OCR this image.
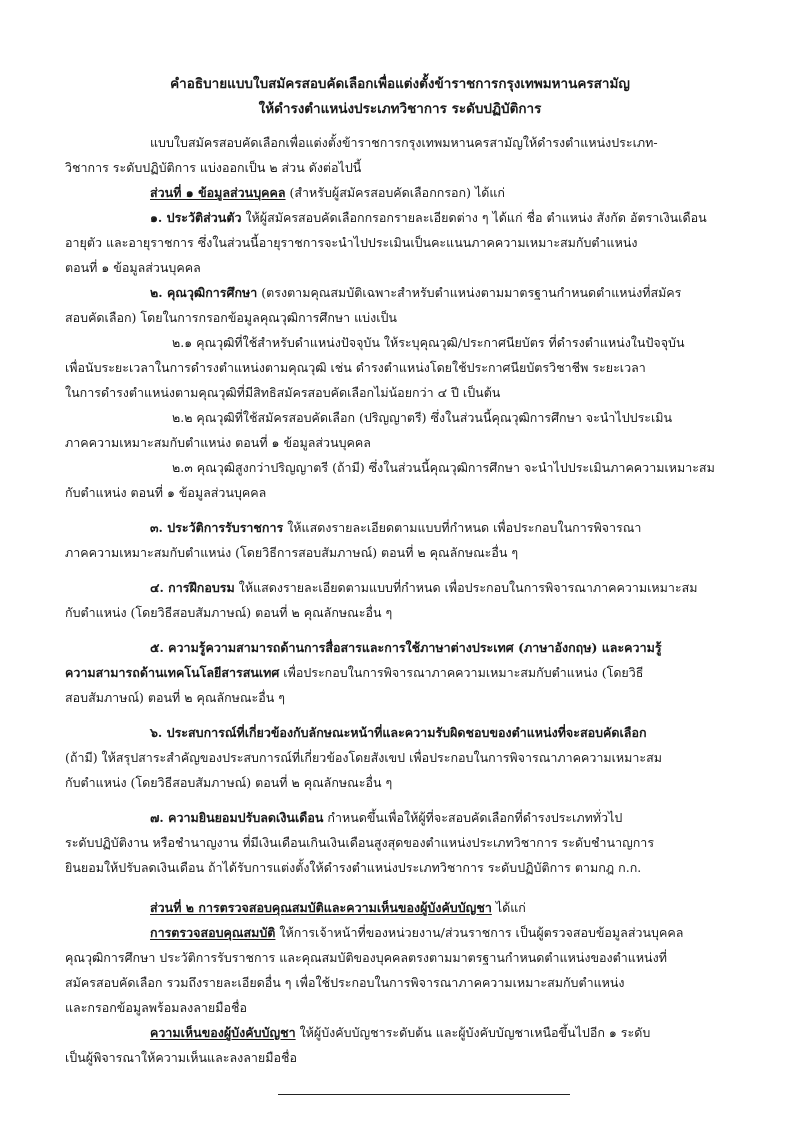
คำอธิบายแบบใบสมัครสอบคัดเลือกเพื่อแต่งตั้งข้าราชการกรุงเทพมหานครสามัญ
ให้ดำรงตำแหน่งประเภทวิชาการ ระดับปฏิบัติการ
แบบใบสมัครสอบคัดเลือกเพื่อแต่งตั้งข้าราชการกรุงเทพมหานครสามัญให้ดำรงตำแหน่งประเภท-
วิชาการ ระดับปฏิบัติการ แบ่งออกเป็น ๒ ส่วน ดังต่อไปนี้
ส่วนที่ ๑ ข้อมูลส่วนบุคคล (สำหรับผู้สมัครสอบคัดเลือกกรอก) ได้แก่
๑. ประวัติส่วนตัว ให้ผู้สมัครสอบคัดเลือกกรอกรายละเอียดต่าง ๆ ได้แก่ ชื่อ ตำแหน่ง สังกัด อัตราเงินเดือน
อายุตัว และอายุราชการ ซึ่งในส่วนนี้อายุราชการจะนำไปประเมินเป็นคะแนนภาคความเหมาะสมกับตำแหน่ง
ตอนที่ ๑ ข้อมูลส่วนบุคคล
๒. คุณวุฒิการศึกษา (ตรงตามคุณสมบัติเฉพาะสำหรับตำแหน่งตามมาตรฐานกำหนดตำแหน่งที่สมัคร
สอบคัดเลือก) โดยในการกรอกข้อมูลคุณวุฒิการศึกษา แบ่งเป็น
๒.๑ คุณวุฒิที่ใช้สำหรับดำแหน่งปัจจุบัน ให้ระบุคุณวุฒิ/ประกาศนียบัตร ที่ดำรงตำแหน่งในปัจจุบัน
เพื่อนับระยะเวลาในการดำรงตำแหน่งตามคุณวุฒิ เช่น ดำรงตำแหน่งโดยใช้ประกาศนียบัตรวิชาชีพ ระยะเวลา
ในการดำรงตำแหน่งตามคุณวุฒิที่มีสิทธิสมัครสอบคัดเลือกไม่น้อยกว่า ๔ ปี เป็นต้น
๒.๒ คุณวุฒิที่ใช้สมัครสอบคัดเลือก (ปริญญาตรี) ซึ่งในส่วนนี้คุณวุฒิการศึกษา จะนำไปประเมิน
ภาคความเหมาะสมกับตำแหน่ง ตอนที่ ๑ ข้อมูลส่วนบุคคล
๒.๓ คุณวุฒิสูงกว่าปริญญาตรี (ถ้ามี) ซึ่งในส่วนนี้คุณวุฒิการศึกษา จะนำไปประเมินภาคความเหมาะสม
กับตำแหน่ง ตอนที่ ๑ ข้อมูลส่วนบุคคล
๓. ประวัติการรับราชการ ให้แสดงรายละเอียดตามแบบที่กำหนด เพื่อประกอบในการพิจารณา
ภาคความเหมาะสมกับตำแหน่ง (โดยวิธีการสอบสัมภาษณ์) ตอนที่ ๒ คุณลักษณะอื่น ๆ
๔. การฝึกอบรม ให้แสดงรายละเอียดตามแบบที่กำหนด เพื่อประกอบในการพิจารณาภาคความเหมาะสม
กับตำแหน่ง (โดยวิธีสอบสัมภาษณ์) ตอนที่ ๒ คุณลักษณะอื่น ๆ
๕. ความรู้ความสามารถด้านการสื่อสารและการใช้ภาษาต่างประเทศ (ภาษาอังกฤษ) และความรู้
ความสามารถด้านเทคโนโลยีสารสนเทศ เพื่อประกอบในการพิจารณาภาคความเหมาะสมกับตำแหน่ง (โดยวิธี
สอบสัมภาษณ์) ตอนที่ ๒ คุณลักษณะอื่น ๆ
๖. ประสบการณ์ที่เกี่ยวข้องกับลักษณะหน้าที่และความรับผิดชอบของตำแหน่งที่จะสอบคัดเลือก
(ถ้ามี) ให้สรุปสาระสำคัญของประสบการณ์ที่เกี่ยวข้องโดยสังเขป เพื่อประกอบในการพิจารณาภาคความเหมาะสม
กับตำแหน่ง (โดยวิธีสอบสัมภาษณ์) ตอนที่ ๒ คุณลักษณะอื่น ๆ
๗. ความยินยอมปรับลดเงินเดือน กำหนดขึ้นเพื่อให้ผู้ที่จะสอบคัดเลือกที่ดำรงประเภททั่วไป
ระดับปฏิบัติงาน หรือชำนาญงาน ที่มีเงินเดือนเกินเงินเดือนสูงสุดของตำแหน่งประเภทวิชาการ ระดับชำนาญการ
ยินยอมให้ปรับลดเงินเดือน ถ้าได้รับการแต่งตั้งให้ดำรงตำแหน่งประเภทวิชาการ ระดับปฏิบัติการ ตามกฎ ก.ก.
ส่วนที่ ๒ การตรวจสอบคุณสมบัติและความเห็นของผู้บังคับบัญชา ได้แก่
การตรวจสอบคุณสมบัติ ให้การเจ้าหน้าที่ของหน่วยงาน/ส่วนราชการ เป็นผู้ตรวจสอบข้อมูลส่วนบุคคล
คุณวุฒิการศึกษา ประวัติการรับราชการ และคุณสมบัติของบุคคลตรงตามมาตรฐานกำหนดตำแหน่งของตำแหน่งที่
สมัครสอบคัดเลือก รวมถึงรายละเอียดอื่น ๆ เพื่อใช้ประกอบในการพิจารณาภาคความเหมาะสมกับตำแหน่ง
และกรอกข้อมูลพร้อมลงลายมือชื่อ
ความเห็นของผู้บังคับบัญชา ให้ผู้บังคับบัญชาระดับต้น และผู้บังคับบัญชาเหนือขึ้นไปอีก ๑ ระดับ
เป็นผู้พิจารณาให้ความเห็นและลงลายมือชื่อ
